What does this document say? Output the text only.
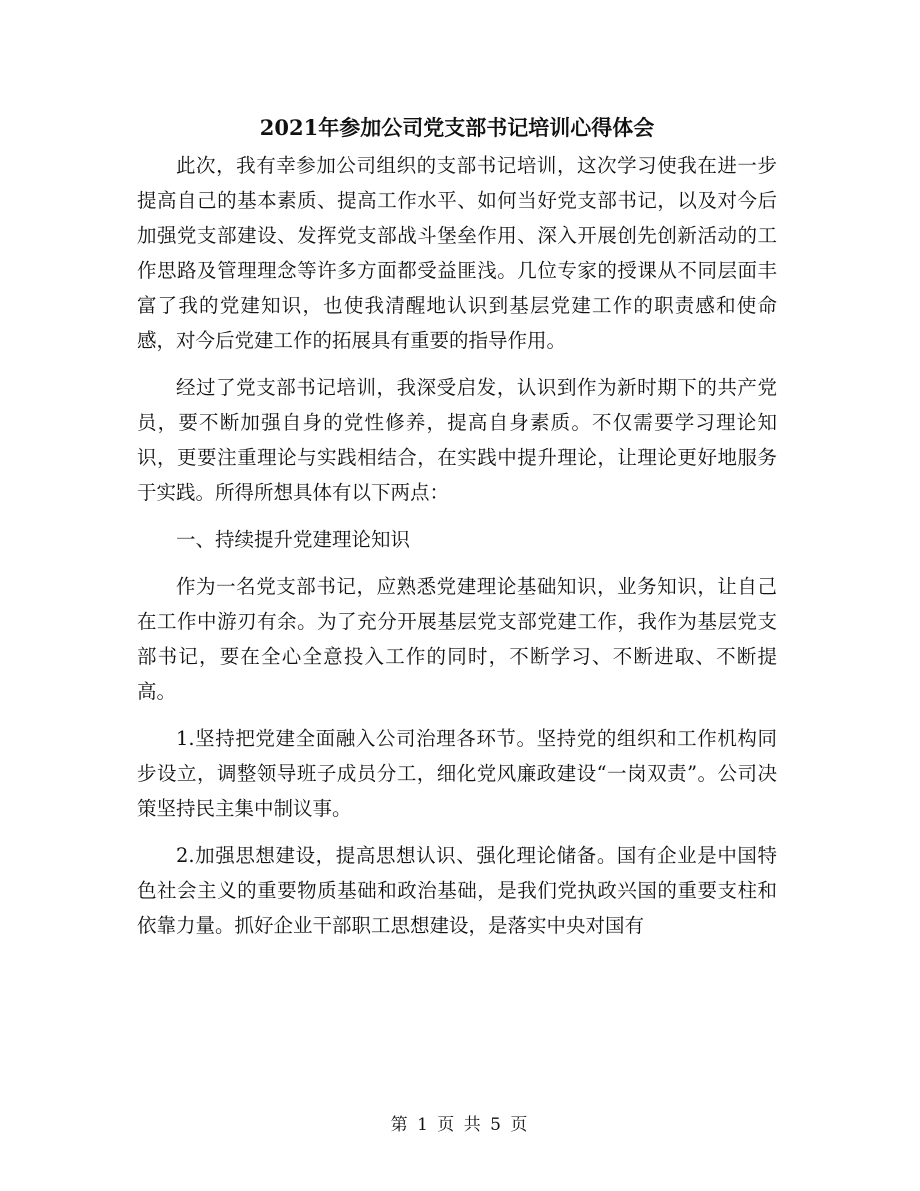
2021年参加公司党支部书记培训心得体会

此次，我有幸参加公司组织的支部书记培训，这次学习使我在进一步提高自己的基本素质、提高工作水平、如何当好党支部书记，以及对今后加强党支部建设、发挥党支部战斗堡垒作用、深入开展创先创新活动的工作思路及管理理念等许多方面都受益匪浅。几位专家的授课从不同层面丰富了我的党建知识，也使我清醒地认识到基层党建工作的职责感和使命感，对今后党建工作的拓展具有重要的指导作用。

经过了党支部书记培训，我深受启发，认识到作为新时期下的共产党员，要不断加强自身的党性修养，提高自身素质。不仅需要学习理论知识，更要注重理论与实践相结合，在实践中提升理论，让理论更好地服务于实践。所得所想具体有以下两点：

一、持续提升党建理论知识

作为一名党支部书记，应熟悉党建理论基础知识，业务知识，让自己在工作中游刃有余。为了充分开展基层党支部党建工作，我作为基层党支部书记，要在全心全意投入工作的同时，不断学习、不断进取、不断提高。

1.坚持把党建全面融入公司治理各环节。坚持党的组织和工作机构同步设立，调整领导班子成员分工，细化党风廉政建设“一岗双责”。公司决策坚持民主集中制议事。

2.加强思想建设，提高思想认识、强化理论储备。国有企业是中国特色社会主义的重要物质基础和政治基础，是我们党执政兴国的重要支柱和依靠力量。抓好企业干部职工思想建设，是落实中央对国有

第 1 页 共 5 页
